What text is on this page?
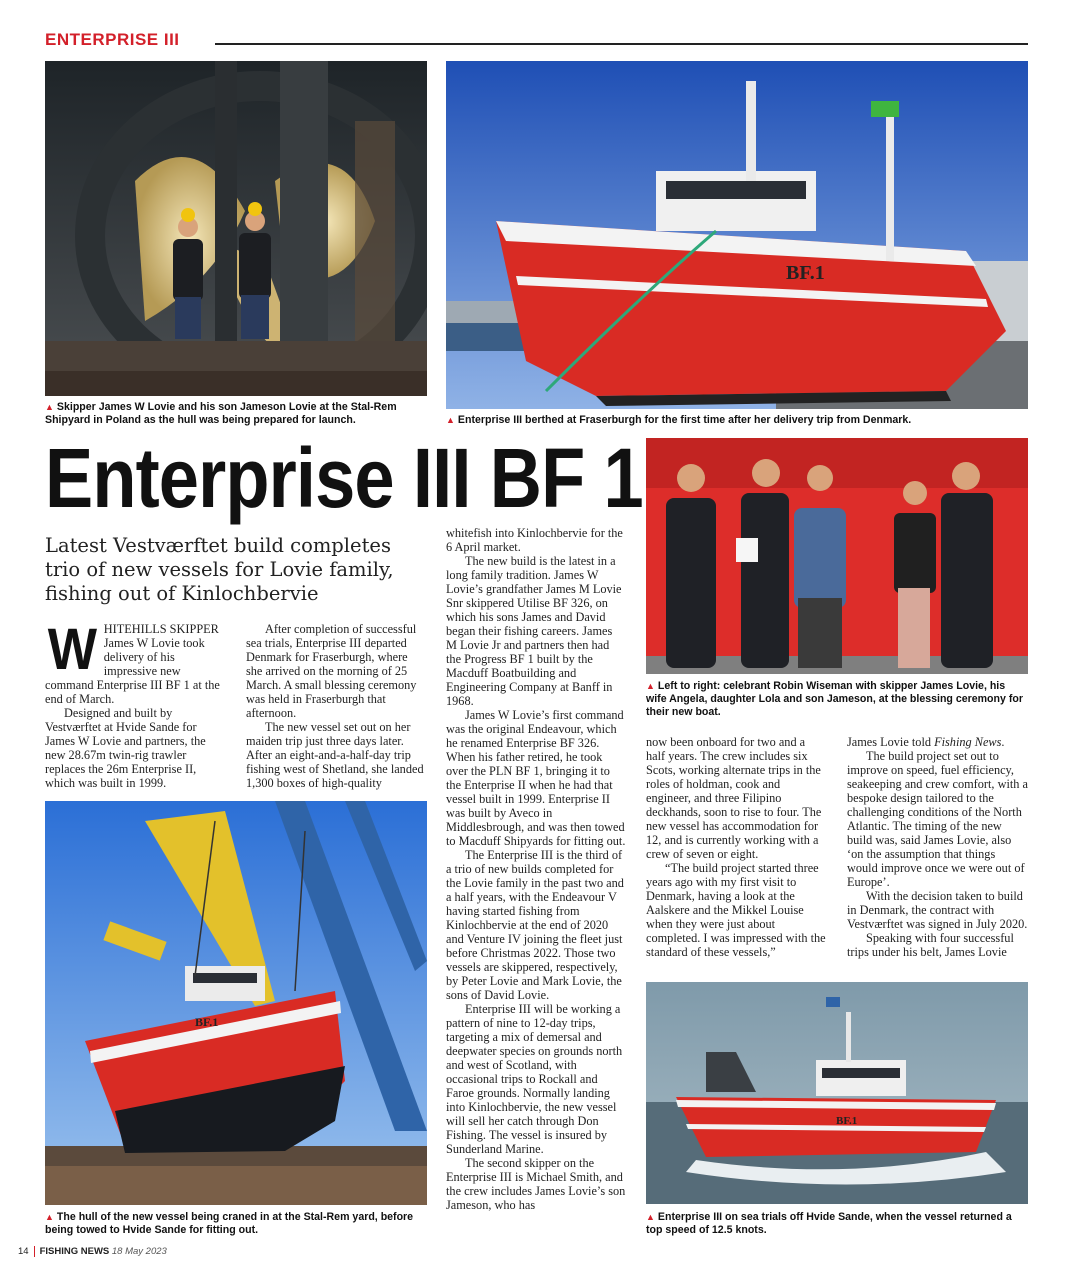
ENTERPRISE III
▲ Skipper James W Lovie and his son Jameson Lovie at the Stal-Rem Shipyard in Poland as the hull was being prepared for launch.
BF.1
▲ Enterprise III berthed at Fraserburgh for the first time after her delivery trip from Denmark.
Enterprise III BF 1
Latest Vestværftet build completes trio of new vessels for Lovie family, fishing out of Kinlochbervie
▲ Left to right: celebrant Robin Wiseman with skipper James Lovie, his wife Angela, daughter Lola and son Jameson, at the blessing ceremony for their new boat.
W HITEHILLS SKIPPER James W Lovie took delivery of his impressive new command Enterprise III BF 1 at the end of March.

Designed and built by Vestværftet at Hvide Sande for James W Lovie and partners, the new 28.67m twin-rig trawler replaces the 26m Enterprise II, which was built in 1999.

After completion of successful sea trials, Enterprise III departed Denmark for Fraserburgh, where she arrived on the morning of 25 March. A small blessing ceremony was held in Fraserburgh that afternoon.

The new vessel set out on her maiden trip just three days later. After an eight-and-a-half-day trip fishing west of Shetland, she landed 1,300 boxes of high-quality

BF.1
▲ The hull of the new vessel being craned in at the Stal-Rem yard, before being towed to Hvide Sande for fitting out.

whitefish into Kinlochbervie for the 6 April market.

The new build is the latest in a long family tradition. James W Lovie’s grandfather James M Lovie Snr skippered Utilise BF 326, on which his sons James and David began their fishing careers. James M Lovie Jr and partners then had the Progress BF 1 built by the Macduff Boatbuilding and Engineering Company at Banff in 1968.

James W Lovie’s first command was the original Endeavour, which he renamed Enterprise BF 326. When his father retired, he took over the PLN BF 1, bringing it to the Enterprise II when he had that vessel built in 1999. Enterprise II was built by Aveco in Middlesbrough, and was then towed to Macduff Shipyards for fitting out.

The Enterprise III is the third of a trio of new builds completed for the Lovie family in the past two and a half years, with the Endeavour V having started fishing from Kinlochbervie at the end of 2020 and Venture IV joining the fleet just before Christmas 2022. Those two vessels are skippered, respectively, by Peter Lovie and Mark Lovie, the sons of David Lovie.

Enterprise III will be working a pattern of nine to 12-day trips, targeting a mix of demersal and deepwater species on grounds north and west of Scotland, with occasional trips to Rockall and Faroe grounds. Normally landing into Kinlochbervie, the new vessel will sell her catch through Don Fishing. The vessel is insured by Sunderland Marine.

The second skipper on the Enterprise III is Michael Smith, and the crew includes James Lovie’s son Jameson, who has

now been onboard for two and a half years. The crew includes six Scots, working alternate trips in the roles of holdman, cook and engineer, and three Filipino deckhands, soon to rise to four. The new vessel has accommodation for 12, and is currently working with a crew of seven or eight.

“The build project started three years ago with my first visit to Denmark, having a look at the Aalskere and the Mikkel Louise when they were just about completed. I was impressed with the standard of these vessels,”

James Lovie told Fishing News.

The build project set out to improve on speed, fuel efficiency, seakeeping and crew comfort, with a bespoke design tailored to the challenging conditions of the North Atlantic. The timing of the new build was, said James Lovie, also ‘on the assumption that things would improve once we were out of Europe’.

With the decision taken to build in Denmark, the contract with Vestværftet was signed in July 2020.

Speaking with four successful trips under his belt, James Lovie

BF.1
▲ Enterprise III on sea trials off Hvide Sande, when the vessel returned a top speed of 12.5 knots.
14 FISHING NEWS 18 May 2023
